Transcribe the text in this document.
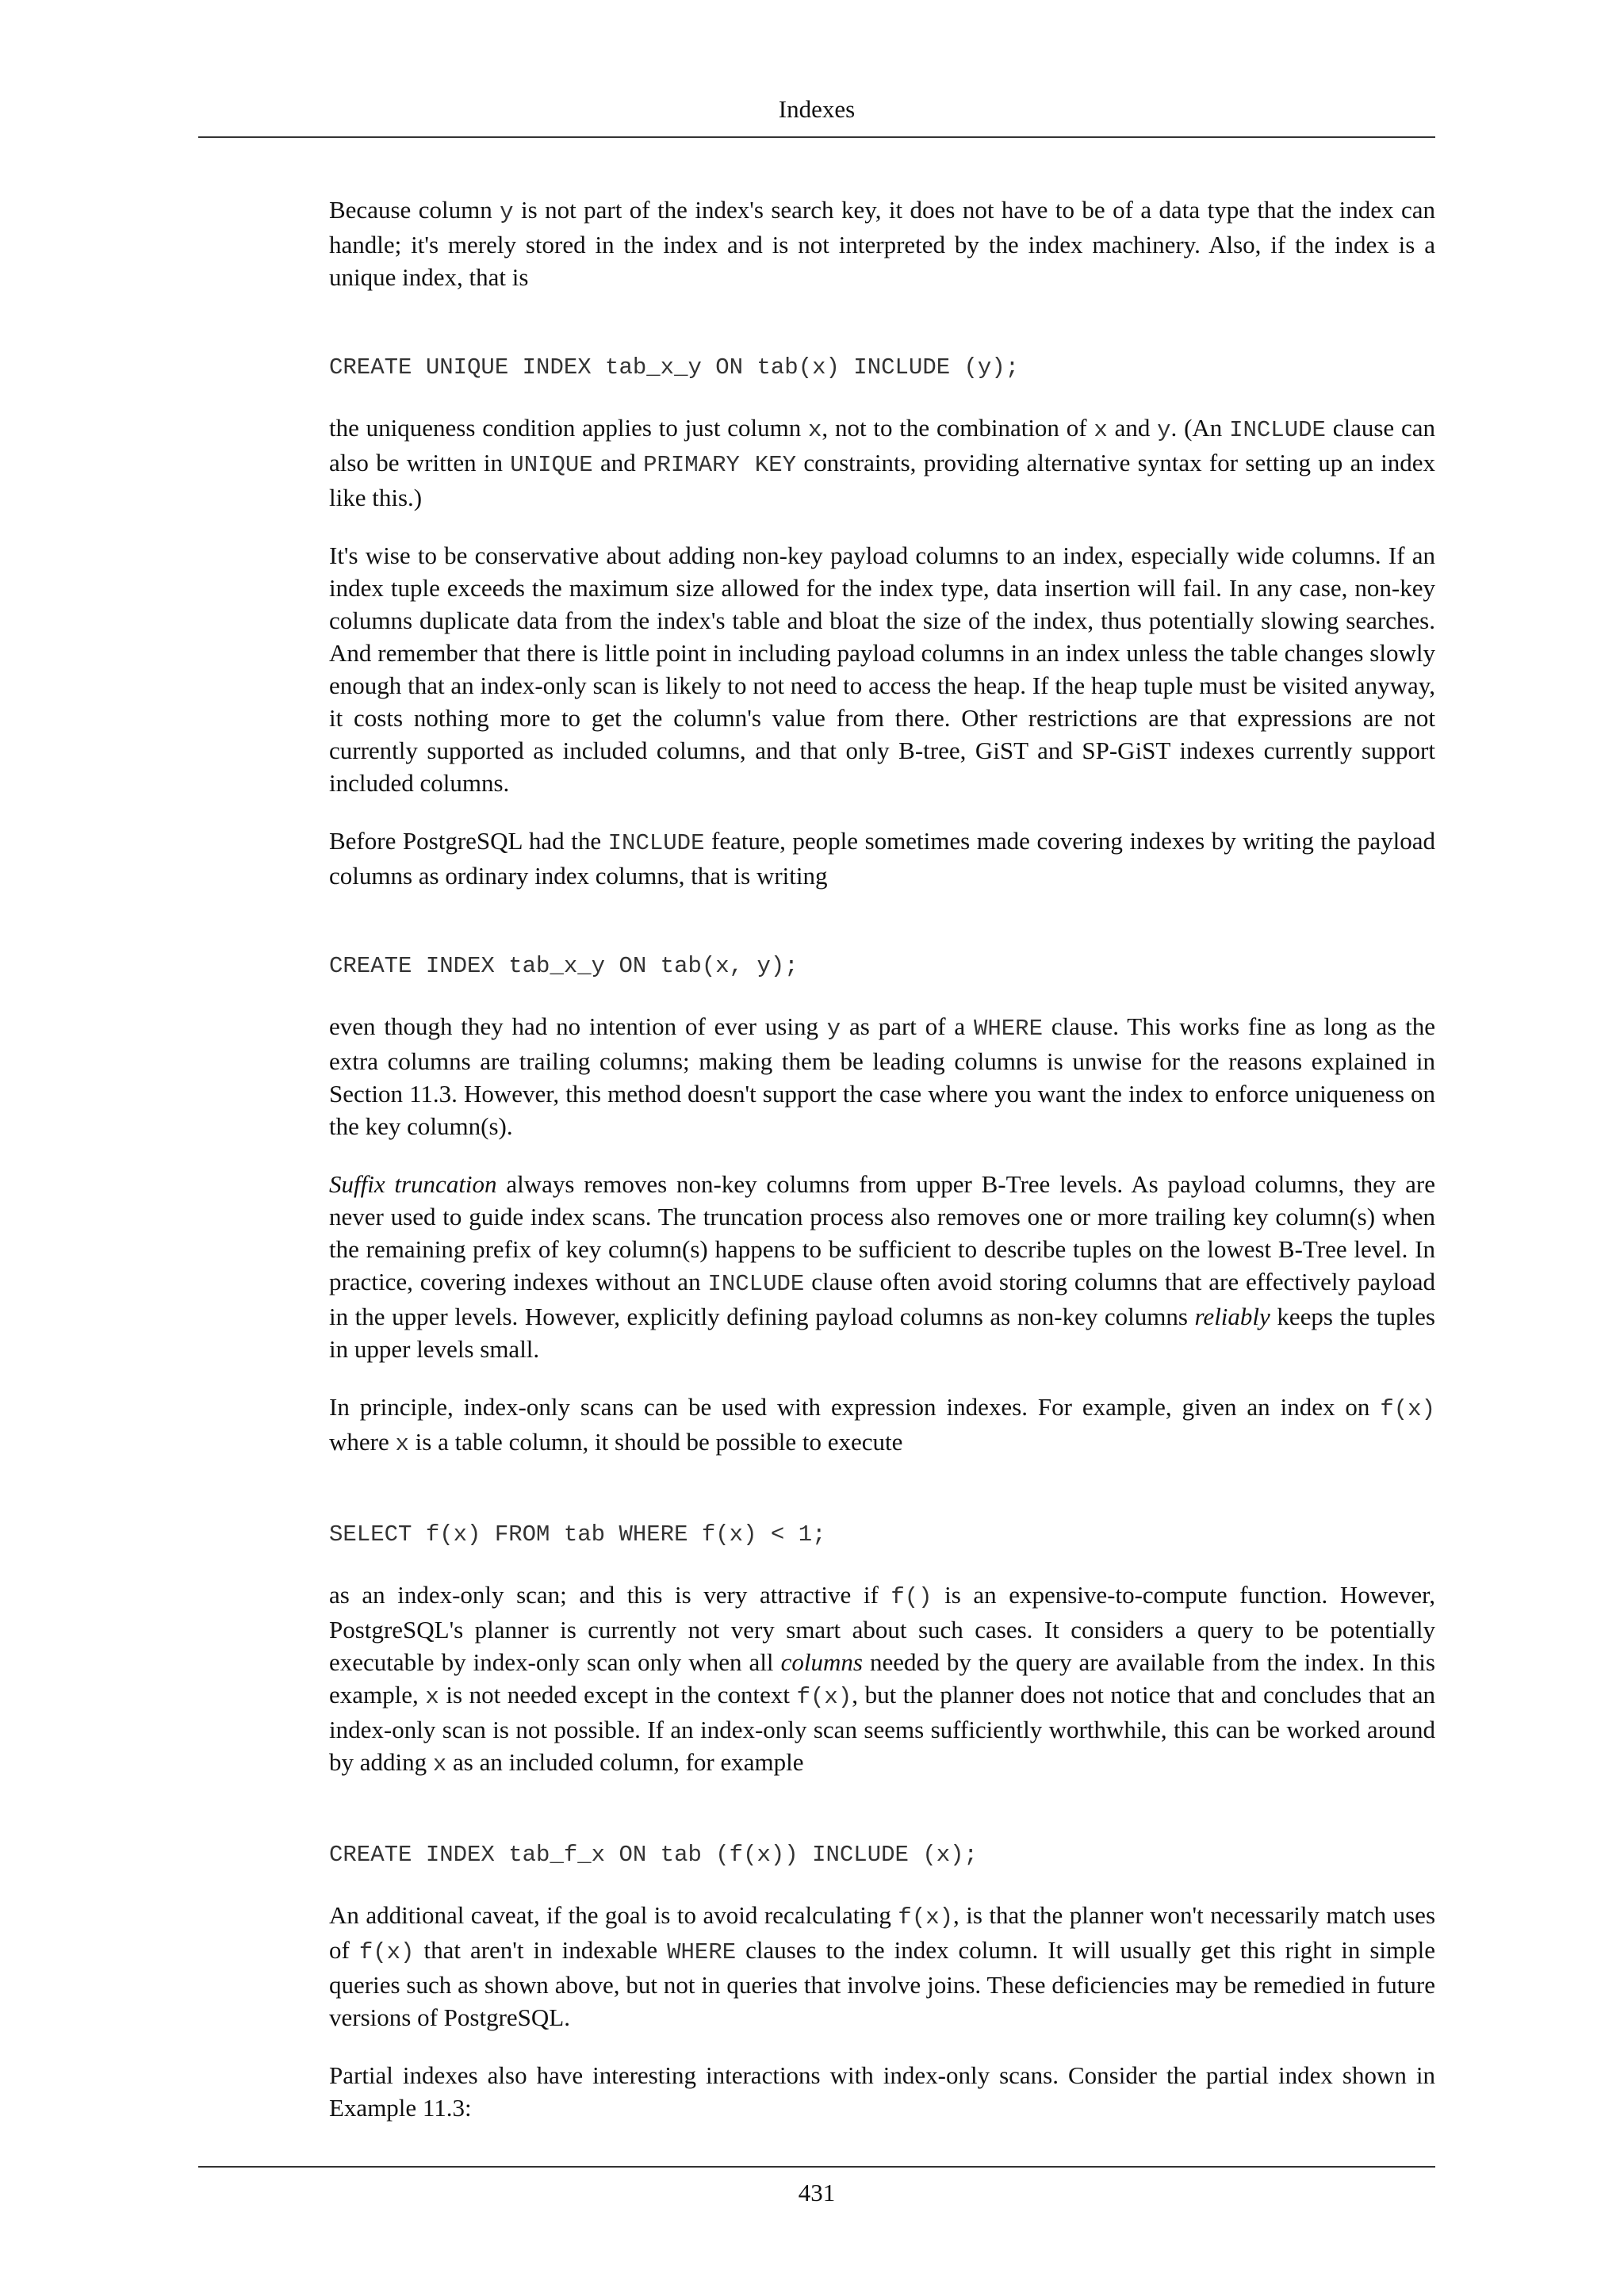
Indexes

Because column y is not part of the index's search key, it does not have to be of a data type that the index can handle; it's merely stored in the index and is not interpreted by the index machinery. Also, if the index is a unique index, that is

CREATE UNIQUE INDEX tab_x_y ON tab(x) INCLUDE (y);

the uniqueness condition applies to just column x, not to the combination of x and y. (An INCLUDE clause can also be written in UNIQUE and PRIMARY KEY constraints, providing alternative syntax for setting up an index like this.)

It's wise to be conservative about adding non-key payload columns to an index, especially wide columns. If an index tuple exceeds the maximum size allowed for the index type, data insertion will fail. In any case, non-key columns duplicate data from the index's table and bloat the size of the index, thus potentially slowing searches. And remember that there is little point in including payload columns in an index unless the table changes slowly enough that an index-only scan is likely to not need to access the heap. If the heap tuple must be visited anyway, it costs nothing more to get the column's value from there. Other restrictions are that expressions are not currently supported as included columns, and that only B-tree, GiST and SP-GiST indexes currently support included columns.

Before PostgreSQL had the INCLUDE feature, people sometimes made covering indexes by writing the payload columns as ordinary index columns, that is writing

CREATE INDEX tab_x_y ON tab(x, y);

even though they had no intention of ever using y as part of a WHERE clause. This works fine as long as the extra columns are trailing columns; making them be leading columns is unwise for the reasons explained in Section 11.3. However, this method doesn't support the case where you want the index to enforce uniqueness on the key column(s).

Suffix truncation always removes non-key columns from upper B-Tree levels. As payload columns, they are never used to guide index scans. The truncation process also removes one or more trailing key column(s) when the remaining prefix of key column(s) happens to be sufficient to describe tuples on the lowest B-Tree level. In practice, covering indexes without an INCLUDE clause often avoid storing columns that are effectively payload in the upper levels. However, explicitly defining payload columns as non-key columns reliably keeps the tuples in upper levels small.

In principle, index-only scans can be used with expression indexes. For example, given an index on f(x) where x is a table column, it should be possible to execute

SELECT f(x) FROM tab WHERE f(x) < 1;

as an index-only scan; and this is very attractive if f() is an expensive-to-compute function. However, PostgreSQL's planner is currently not very smart about such cases. It considers a query to be potentially executable by index-only scan only when all columns needed by the query are available from the index. In this example, x is not needed except in the context f(x), but the planner does not notice that and concludes that an index-only scan is not possible. If an index-only scan seems sufficiently worthwhile, this can be worked around by adding x as an included column, for example

CREATE INDEX tab_f_x ON tab (f(x)) INCLUDE (x);

An additional caveat, if the goal is to avoid recalculating f(x), is that the planner won't necessarily match uses of f(x) that aren't in indexable WHERE clauses to the index column. It will usually get this right in simple queries such as shown above, but not in queries that involve joins. These deficiencies may be remedied in future versions of PostgreSQL.

Partial indexes also have interesting interactions with index-only scans. Consider the partial index shown in Example 11.3:

431
